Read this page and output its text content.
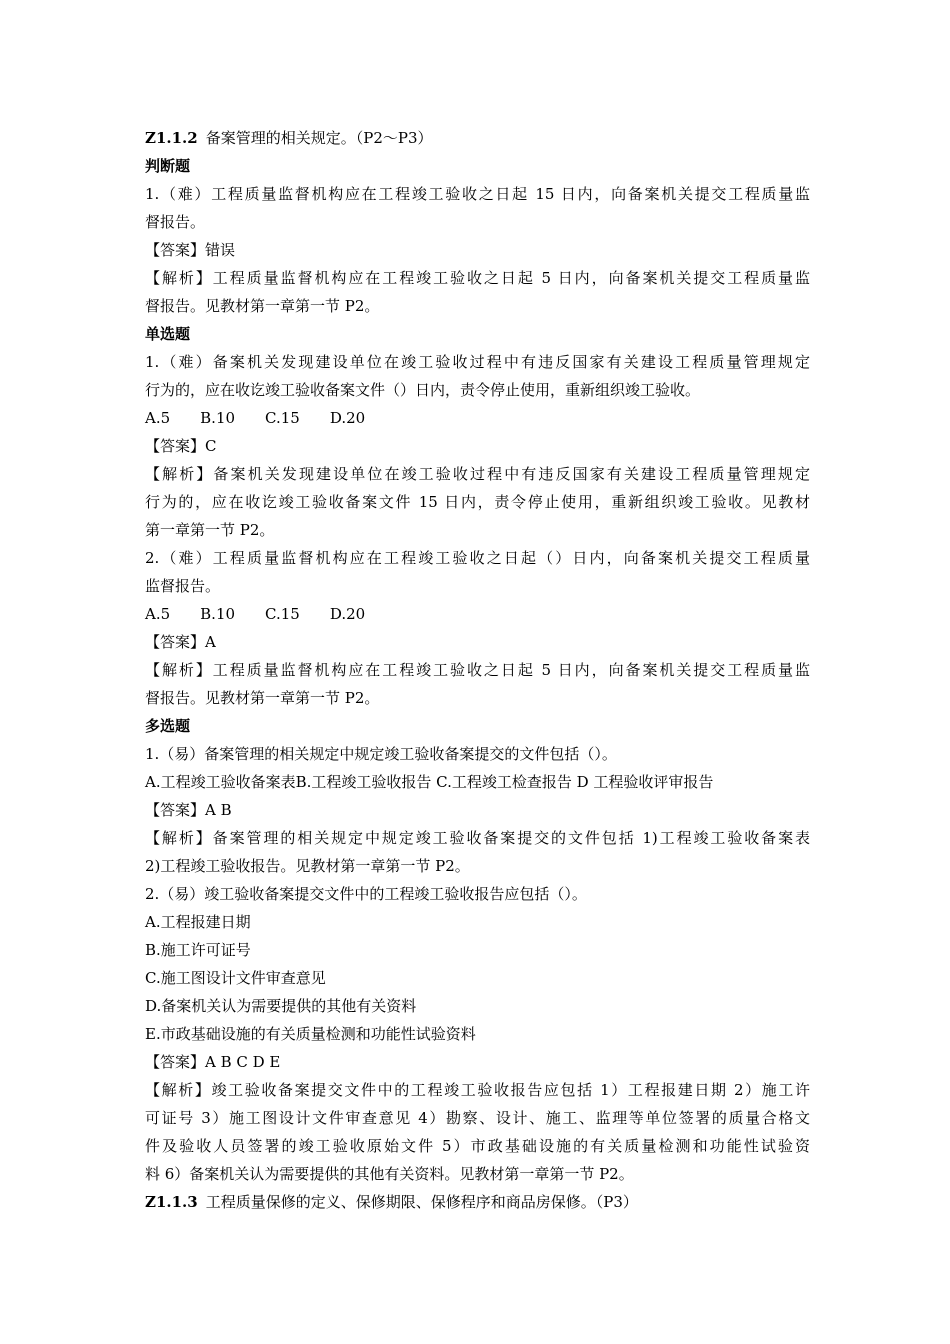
Z1.1.2 备案管理的相关规定。（P2～P3）
判断题
1.（难）工程质量监督机构应在工程竣工验收之日起 15 日内，向备案机关提交工程质量监
督报告。
【答案】错误
【解析】工程质量监督机构应在工程竣工验收之日起 5 日内，向备案机关提交工程质量监
督报告。见教材第一章第一节 P2。
单选题
1.（难）备案机关发现建设单位在竣工验收过程中有违反国家有关建设工程质量管理规定
行为的，应在收讫竣工验收备案文件（）日内，责令停止使用，重新组织竣工验收。
A.5 B.10 C.15 D.20
【答案】C
【解析】备案机关发现建设单位在竣工验收过程中有违反国家有关建设工程质量管理规定
行为的，应在收讫竣工验收备案文件 15 日内，责令停止使用，重新组织竣工验收。见教材
第一章第一节 P2。
2.（难）工程质量监督机构应在工程竣工验收之日起（）日内，向备案机关提交工程质量
监督报告。
A.5 B.10 C.15 D.20
【答案】A
【解析】工程质量监督机构应在工程竣工验收之日起 5 日内，向备案机关提交工程质量监
督报告。见教材第一章第一节 P2。
多选题
1.（易）备案管理的相关规定中规定竣工验收备案提交的文件包括（）。
A.工程竣工验收备案表B.工程竣工验收报告 C.工程竣工检查报告 D 工程验收评审报告
【答案】A B
【解析】备案管理的相关规定中规定竣工验收备案提交的文件包括 1)工程竣工验收备案表
2)工程竣工验收报告。见教材第一章第一节 P2。
2.（易）竣工验收备案提交文件中的工程竣工验收报告应包括（）。
A.工程报建日期
B.施工许可证号
C.施工图设计文件审查意见
D.备案机关认为需要提供的其他有关资料
E.市政基础设施的有关质量检测和功能性试验资料
【答案】A B C D E
【解析】竣工验收备案提交文件中的工程竣工验收报告应包括 1）工程报建日期 2）施工许
可证号 3）施工图设计文件审查意见 4）勘察、设计、施工、监理等单位签署的质量合格文
件及验收人员签署的竣工验收原始文件 5）市政基础设施的有关质量检测和功能性试验资
料 6）备案机关认为需要提供的其他有关资料。见教材第一章第一节 P2。
Z1.1.3 工程质量保修的定义、保修期限、保修程序和商品房保修。（P3）
